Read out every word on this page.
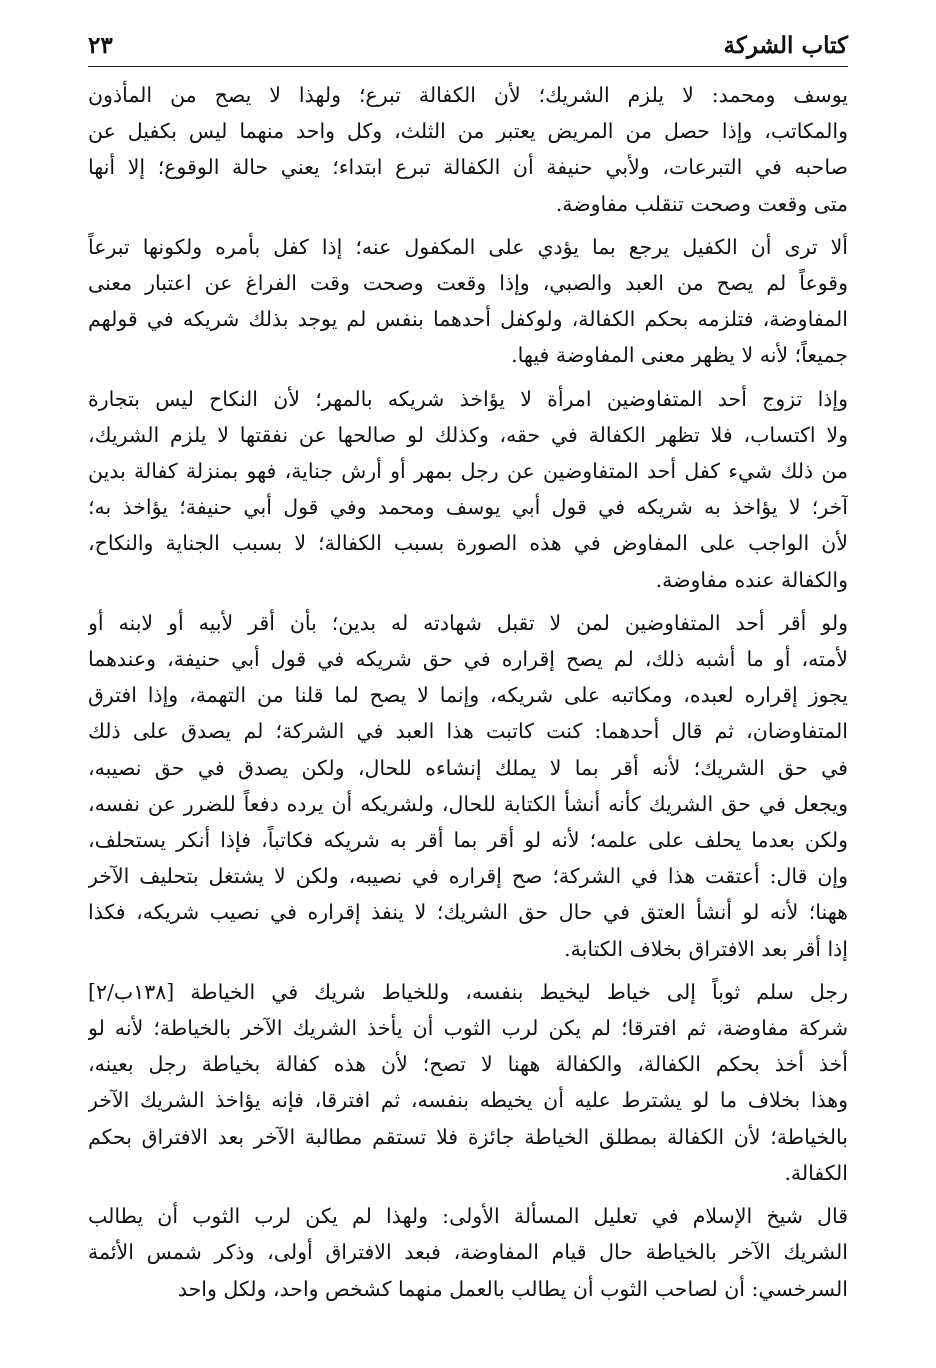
كتاب الشركة
٢٣
يوسف ومحمد: لا يلزم الشريك؛ لأن الكفالة تبرع؛ ولهذا لا يصح من المأذون
والمكاتب، وإذا حصل من المريض يعتبر من الثلث، وكل واحد منهما ليس بكفيل عن
صاحبه في التبرعات، ولأبي حنيفة أن الكفالة تبرع ابتداء؛ يعني حالة الوقوع؛ إلا أنها
متى وقعت وصحت تنقلب مفاوضة.
ألا ترى أن الكفيل يرجع بما يؤدي على المكفول عنه؛ إذا كفل بأمره ولكونها تبرعاً
وقوعاً لم يصح من العبد والصبي، وإذا وقعت وصحت وقت الفراغ عن اعتبار معنى
المفاوضة، فتلزمه بحكم الكفالة، ولوكفل أحدهما بنفس لم يوجد بذلك شريكه في قولهم
جميعاً؛ لأنه لا يظهر معنى المفاوضة فيها.
وإذا تزوج أحد المتفاوضين امرأة لا يؤاخذ شريكه بالمهر؛ لأن النكاح ليس بتجارة
ولا اكتساب، فلا تظهر الكفالة في حقه، وكذلك لو صالحها عن نفقتها لا يلزم الشريك،
من ذلك شيء كفل أحد المتفاوضين عن رجل بمهر أو أرش جناية، فهو بمنزلة كفالة بدين
آخر؛ لا يؤاخذ به شريكه في قول أبي يوسف ومحمد وفي قول أبي حنيفة؛ يؤاخذ به؛
لأن الواجب على المفاوض في هذه الصورة بسبب الكفالة؛ لا بسبب الجناية والنكاح،
والكفالة عنده مفاوضة.
ولو أقر أحد المتفاوضين لمن لا تقبل شهادته له بدين؛ بأن أقر لأبيه أو لابنه أو
لأمته، أو ما أشبه ذلك، لم يصح إقراره في حق شريكه في قول أبي حنيفة، وعندهما
يجوز إقراره لعبده، ومكاتبه على شريكه، وإنما لا يصح لما قلنا من التهمة، وإذا افترق
المتفاوضان، ثم قال أحدهما: كنت كاتبت هذا العبد في الشركة؛ لم يصدق على ذلك
في حق الشريك؛ لأنه أقر بما لا يملك إنشاءه للحال، ولكن يصدق في حق نصيبه،
ويجعل في حق الشريك كأنه أنشأ الكتابة للحال، ولشريكه أن يرده دفعاً للضرر عن نفسه،
ولكن بعدما يحلف على علمه؛ لأنه لو أقر بما أقر به شريكه فكاتباً، فإذا أنكر يستحلف،
وإن قال: أعتقت هذا في الشركة؛ صح إقراره في نصيبه، ولكن لا يشتغل بتحليف الآخر
ههنا؛ لأنه لو أنشأ العتق في حال حق الشريك؛ لا ينفذ إقراره في نصيب شريكه، فكذا
إذا أقر بعد الافتراق بخلاف الكتابة.
رجل سلم ثوباً إلى خياط ليخيط بنفسه، وللخياط شريك في الخياطة [١٣٨ب/٢]
شركة مفاوضة، ثم افترقا؛ لم يكن لرب الثوب أن يأخذ الشريك الآخر بالخياطة؛ لأنه لو
أخذ أخذ بحكم الكفالة، والكفالة ههنا لا تصح؛ لأن هذه كفالة بخياطة رجل بعينه،
وهذا بخلاف ما لو يشترط عليه أن يخيطه بنفسه، ثم افترقا، فإنه يؤاخذ الشريك الآخر
بالخياطة؛ لأن الكفالة بمطلق الخياطة جائزة فلا تستقم مطالبة الآخر بعد الافتراق بحكم
الكفالة.
قال شيخ الإسلام في تعليل المسألة الأولى: ولهذا لم يكن لرب الثوب أن يطالب
الشريك الآخر بالخياطة حال قيام المفاوضة، فبعد الافتراق أولى، وذكر شمس الأئمة
السرخسي: أن لصاحب الثوب أن يطالب بالعمل منهما كشخص واحد، ولكل واحد
